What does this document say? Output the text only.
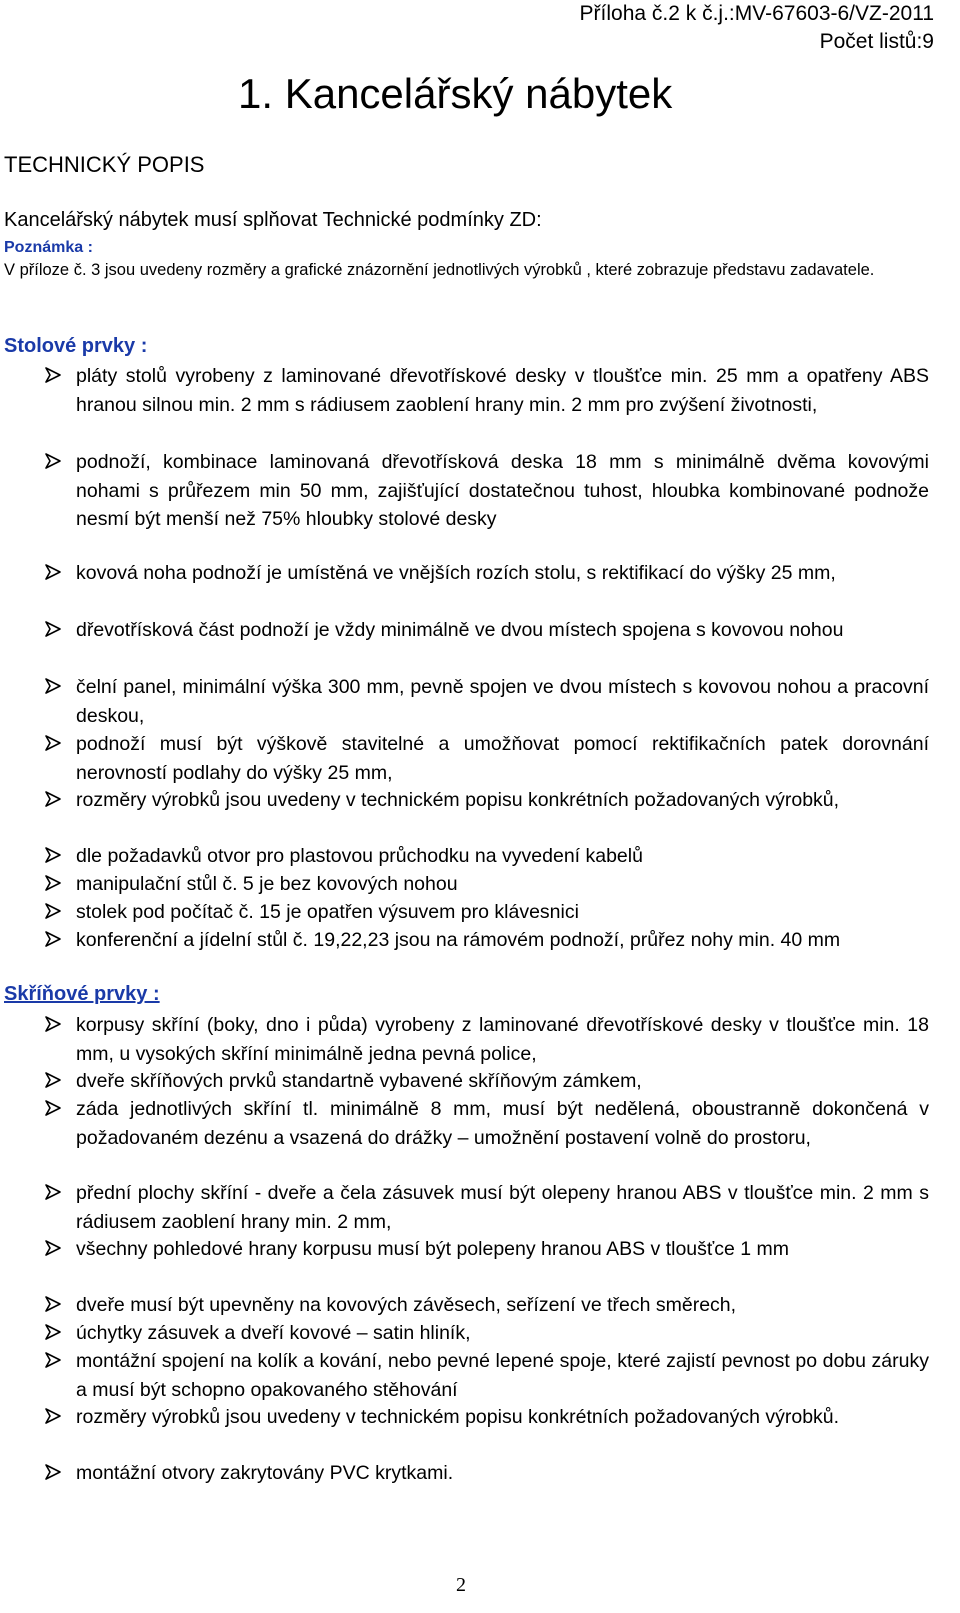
Příloha č.2 k č.j.:MV-67603-6/VZ-2011
Počet listů:9
1. Kancelářský nábytek
TECHNICKÝ POPIS
Kancelářský nábytek musí splňovat Technické podmínky ZD:
Poznámka :
V příloze č. 3 jsou uvedeny rozměry a grafické znázornění jednotlivých výrobků , které zobrazuje představu zadavatele.
Stolové prvky :
pláty stolů vyrobeny z laminované dřevotřískové desky v tloušťce min. 25 mm a opatřeny ABS hranou silnou min. 2 mm s rádiusem zaoblení hrany min. 2 mm pro zvýšení životnosti,
podnoží, kombinace laminovaná dřevotřísková deska 18 mm s minimálně dvěma kovovými nohami s průřezem min 50 mm, zajišťující dostatečnou tuhost, hloubka kombinované podnože nesmí být menší než 75% hloubky stolové desky
kovová noha podnoží je umístěná ve vnějších rozích stolu, s rektifikací do výšky 25 mm,
dřevotřísková část podnoží je vždy minimálně ve dvou místech spojena s kovovou nohou
čelní panel, minimální výška 300 mm, pevně spojen ve dvou místech s kovovou nohou a pracovní deskou,
podnoží musí být výškově stavitelné a umožňovat pomocí rektifikačních patek dorovnání nerovností podlahy do výšky 25 mm,
rozměry výrobků jsou uvedeny v technickém popisu konkrétních požadovaných výrobků,
dle požadavků otvor pro plastovou průchodku na vyvedení kabelů
manipulační stůl č. 5 je bez kovových nohou
stolek pod počítač č. 15 je opatřen výsuvem pro klávesnici
konferenční a jídelní stůl č. 19,22,23 jsou na rámovém podnoží, průřez nohy min. 40 mm
Skříňové prvky :
korpusy skříní (boky, dno i půda) vyrobeny z laminované dřevotřískové desky v tloušťce min. 18 mm, u vysokých skříní minimálně jedna pevná police,
dveře skříňových prvků standartně vybavené skříňovým zámkem,
záda jednotlivých skříní tl. minimálně 8 mm, musí být nedělená, oboustranně dokončená v požadovaném dezénu a vsazená do drážky – umožnění postavení volně do prostoru,
přední plochy skříní - dveře a čela zásuvek musí být olepeny hranou ABS v tloušťce min. 2 mm s rádiusem zaoblení hrany min. 2 mm,
všechny pohledové hrany korpusu musí být polepeny hranou ABS v tloušťce 1 mm
dveře musí být upevněny na kovových závěsech, seřízení ve třech směrech,
úchytky zásuvek a dveří kovové – satin hliník,
montážní spojení na kolík a kování, nebo pevné lepené spoje, které zajistí pevnost po dobu záruky a musí být schopno opakovaného stěhování
rozměry výrobků jsou uvedeny v technickém popisu konkrétních požadovaných výrobků.
montážní otvory zakrytovány PVC krytkami.
2
